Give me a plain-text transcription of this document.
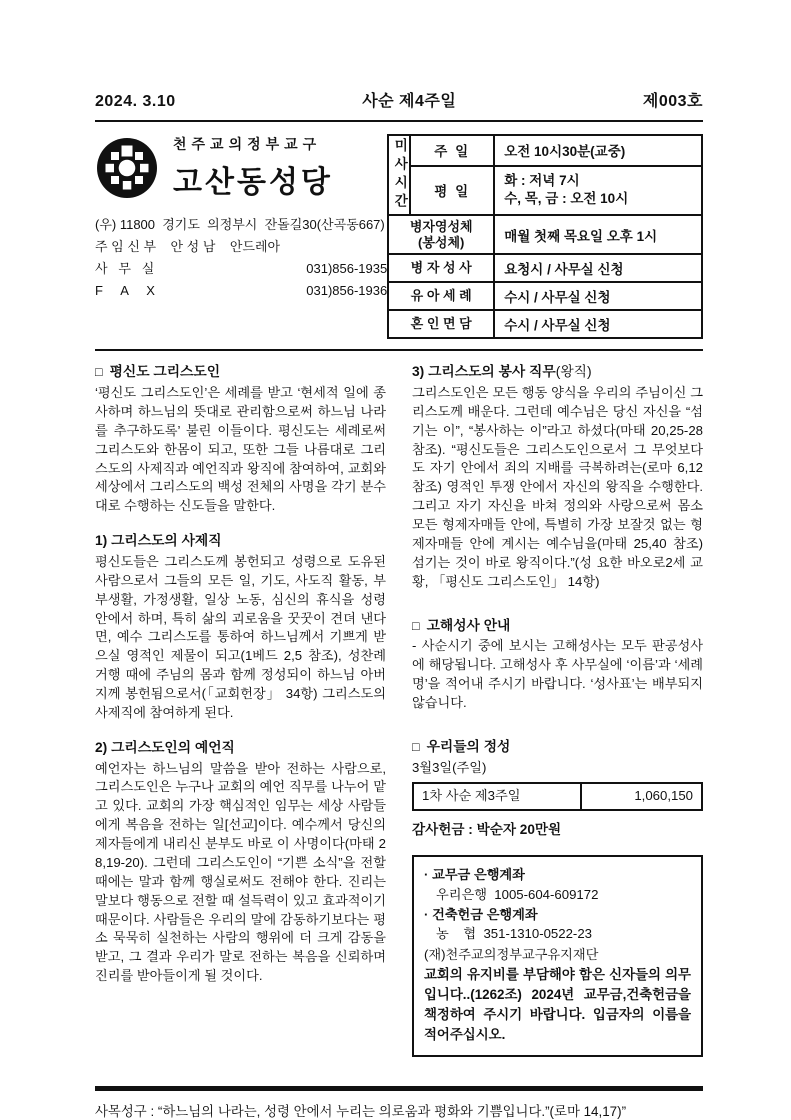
2024. 3.10	사순 제4주일	제003호
천주교의정부교구
고산동성당
(우) 11800  경기도  의정부시  잔돌길30(산곡동667)
주 임 신 부    안 성 남    안드레아
사   무   실	031)856-1935
F     A     X	031)856-1936
미사시간	주 일	오전 10시30분(교중)
	평 일	화 : 저녁 7시
수, 목, 금 : 오전 10시

병자영성체
(봉성체)		매월 첫째 목요일 오후 1시
병 자 성 사		요청시 / 사무실 신청
유 아 세 례		수시 / 사무실 신청
혼 인 면 담		수시 / 사무실 신청
□ 평신도 그리스도인
‘평신도 그리스도인’은 세례를 받고 ‘현세적 일에 종사하며 하느님의 뜻대로 관리함으로써 하느님 나라를 추구하도록’ 불린 이들이다. 평신도는 세례로써 그리스도와 한몸이 되고, 또한 그들 나름대로 그리스도의 사제직과 예언직과 왕직에 참여하여, 교회와 세상에서 그리스도의 백성 전체의 사명을 각기 분수대로 수행하는 신도들을 말한다.
1) 그리스도의 사제직
평신도들은 그리스도께 봉헌되고 성령으로 도유된 사람으로서 그들의 모든 일, 기도, 사도직 활동, 부부생활, 가정생활, 일상 노동, 심신의 휴식을 성령 안에서 하며, 특히 삶의 괴로움을 꿋꿋이 견뎌 낸다면, 예수 그리스도를 통하여 하느님께서 기쁘게 받으실 영적인 제물이 되고(1베드 2,5 참조), 성찬례 거행 때에 주님의 몸과 함께 정성되이 하느님 아버지께 봉헌됨으로서(「교회헌장」 34항) 그리스도의 사제직에 참여하게 된다.
2) 그리스도인의 예언직
예언자는 하느님의 말씀을 받아 전하는 사람으로, 그리스도인은 누구나 교회의 예언 직무를 나누어 맡고 있다. 교회의 가장 핵심적인 임무는 세상 사람들에게 복음을 전하는 일[선교]이다. 예수께서 당신의 제자들에게 내리신 분부도 바로 이 사명이다(마태 28,19-20). 그런데 그리스도인이 “기쁜 소식”을 전할 때에는 말과 함께 행실로써도 전해야 한다. 진리는 말보다 행동으로 전할 때 설득력이 있고 효과적이기 때문이다. 사람들은 우리의 말에 감동하기보다는 평소 묵묵히 실천하는 사람의 행위에 더 크게 감동을 받고, 그 결과 우리가 말로 전하는 복음을 신뢰하며 진리를 받아들이게 될 것이다.
3) 그리스도의 봉사 직무(왕직)
그리스도인은 모든 행동 양식을 우리의 주님이신 그리스도께 배운다. 그런데 예수님은 당신 자신을 “섬기는 이”, “봉사하는 이”라고 하셨다(마태 20,25-28 참조). “평신도들은 그리스도인으로서 그 무엇보다도 자기 안에서 죄의 지배를 극복하려는(로마 6,12 참조) 영적인 투쟁 안에서 자신의 왕직을 수행한다. 그리고 자기 자신을 바쳐 정의와 사랑으로써 몸소 모든 형제자매들 안에, 특별히 가장 보잘것 없는 형제자매들 안에 계시는 예수님을(마태 25,40 참조) 섬기는 것이 바로 왕직이다.”(성 요한 바오로2세 교황, 「평신도 그리스도인」 14항)
□ 고해성사 안내
- 사순시기 중에 보시는 고해성사는 모두 판공성사에 해당됩니다. 고해성사 후 사무실에 ‘이름’과 ‘세례명’을 적어내 주시기 바랍니다. ‘성사표’는 배부되지 않습니다.
□ 우리들의 정성
3월3일(주일)
1차 사순 제3주일	1,060,150
감사헌금 : 박순자 20만원
· 교무금 은행계좌
우리은행  1005-604-609172
· 건축헌금 은행계좌
농    협  351-1310-0522-23
(재)천주교의정부교구유지재단
교회의 유지비를 부담해야 함은 신자들의 의무입니다..(1262조) 2024년 교무금,건축헌금을 책정하여 주시기 바랍니다. 입금자의 이름을 적어주십시오.
사목성구 : “하느님의 나라는, 성령 안에서 누리는 의로움과 평화와 기쁨입니다.”(로마 14,17)”
